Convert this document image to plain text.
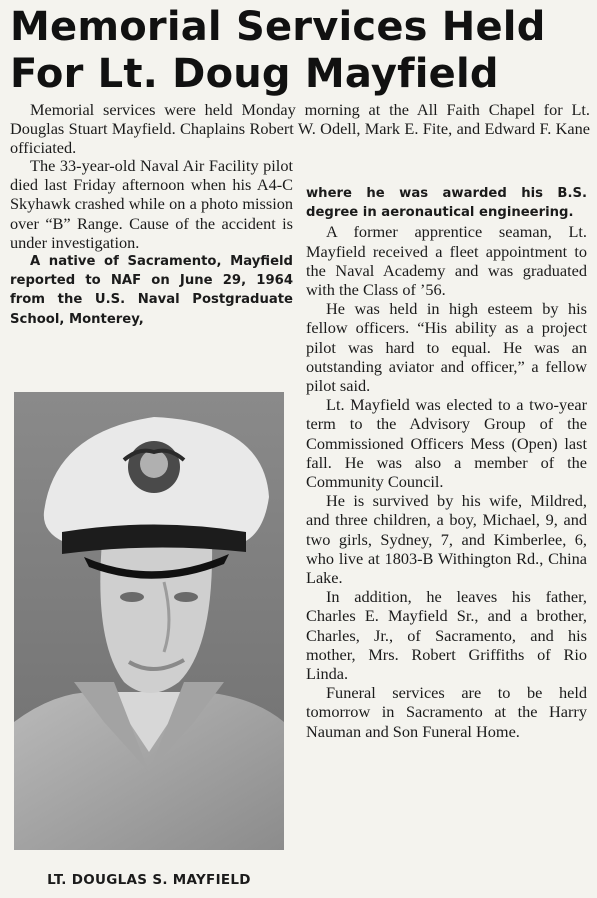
Memorial Services Held
For Lt. Doug Mayfield

Memorial services were held Monday morning at the All Faith Chapel for Lt. Douglas Stuart Mayfield. Chaplains Robert W. Odell, Mark E. Fite, and Edward F. Kane officiated.

The 33-year-old Naval Air Facility pilot died last Friday afternoon when his A4-C Skyhawk crashed while on a photo mission over “B” Range. Cause of the accident is under investigation.

A native of Sacramento, Mayfield reported to NAF on June 29, 1964 from the U.S. Naval Postgraduate School, Monterey,

LT. DOUGLAS S. MAYFIELD

where he was awarded his B.S. degree in aeronautical engineering.

A former apprentice seaman, Lt. Mayfield received a fleet appointment to the Naval Academy and was graduated with the Class of ’56.

He was held in high esteem by his fellow officers. “His ability as a project pilot was hard to equal. He was an outstanding aviator and officer,” a fellow pilot said.

Lt. Mayfield was elected to a two-year term to the Advisory Group of the Commissioned Officers Mess (Open) last fall. He was also a member of the Community Council.

He is survived by his wife, Mildred, and three children, a boy, Michael, 9, and two girls, Sydney, 7, and Kimberlee, 6, who live at 1803-B Withington Rd., China Lake.

In addition, he leaves his father, Charles E. Mayfield Sr., and a brother, Charles, Jr., of Sacramento, and his mother, Mrs. Robert Griffiths of Rio Linda.

Funeral services are to be held tomorrow in Sacramento at the Harry Nauman and Son Funeral Home.
